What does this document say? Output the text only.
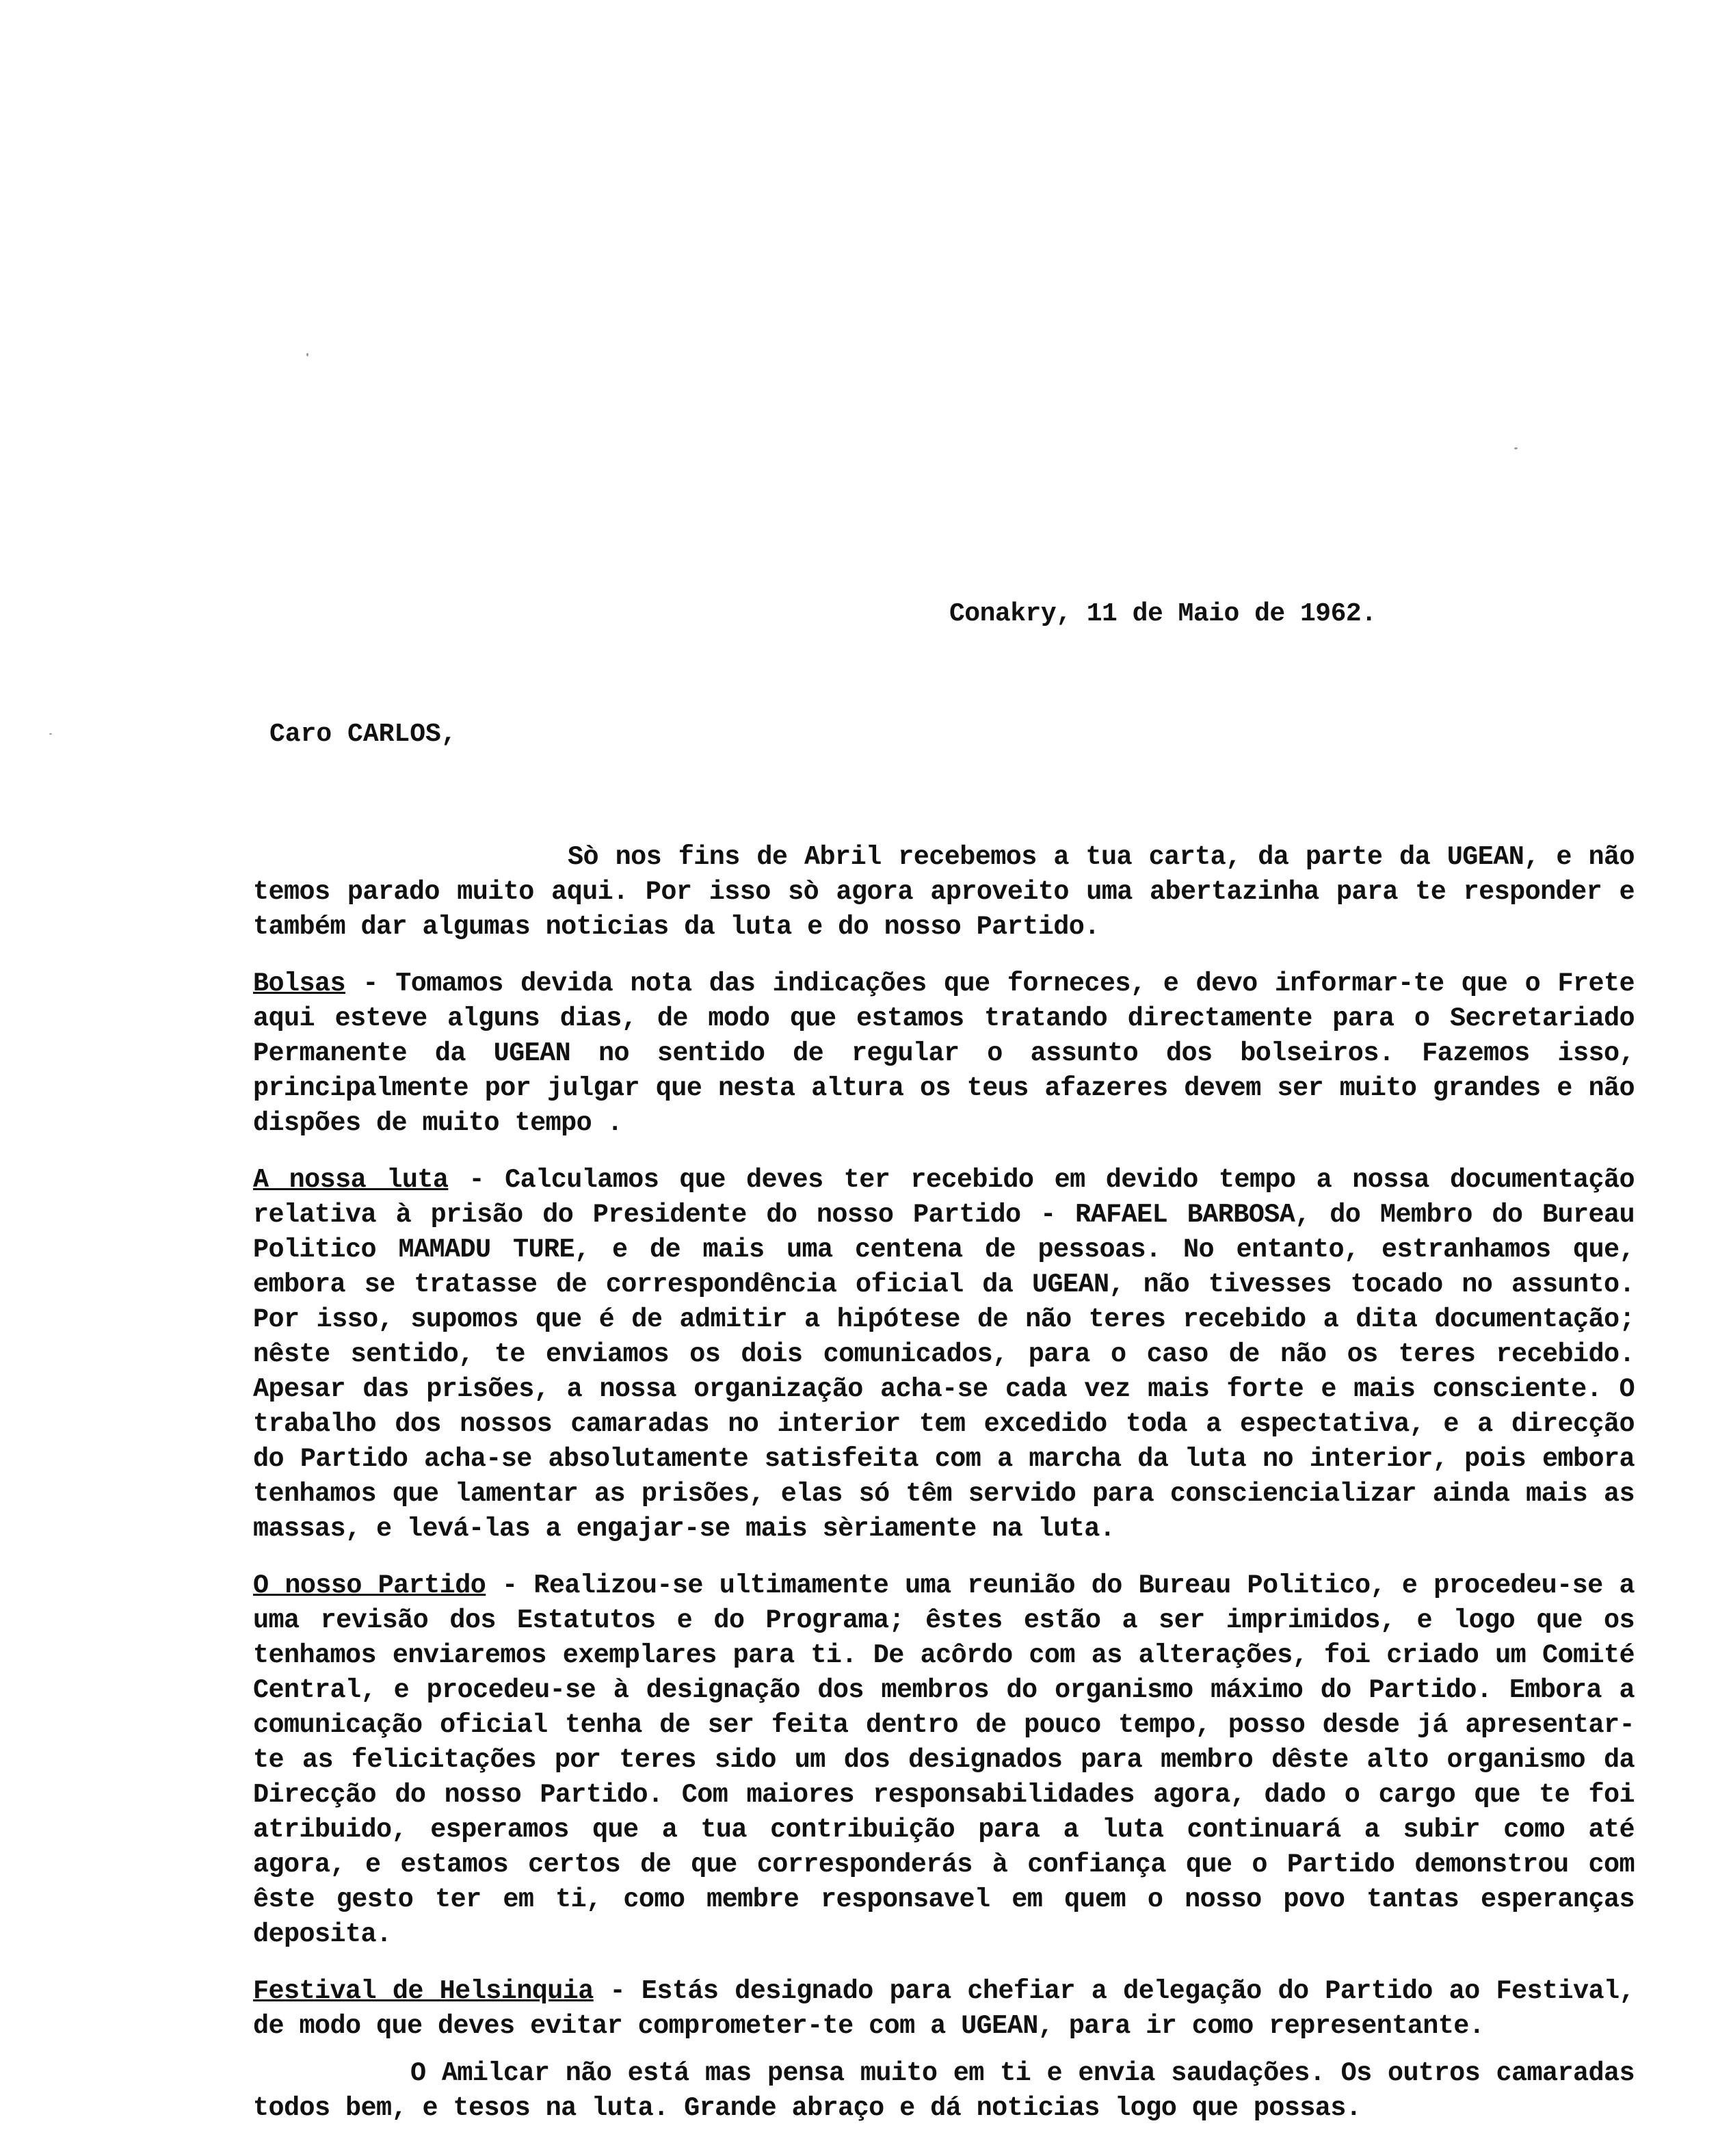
Conakry, 11 de Maio de 1962.
Caro CARLOS,

Sò nos fins de Abril recebemos a tua carta, da parte da UGEAN, e não temos parado muito aqui. Por isso sò agora aproveito uma abertazinha para te responder e também dar algumas noticias da luta e do nosso Partido.

Bolsas - Tomamos devida nota das indicações que forneces, e devo informar-te que o Frete aqui esteve alguns dias, de modo que estamos tratando directamente para o Secretariado Permanente da UGEAN no sentido de regular o assunto dos bolseiros. Fazemos isso, principalmente por julgar que nesta altura os teus afazeres devem ser muito grandes e não dispões de muito tempo .

A nossa luta - Calculamos que deves ter recebido em devido tempo a nossa documentação relativa à prisão do Presidente do nosso Partido - RAFAEL BARBOSA, do Membro do Bureau Politico MAMADU TURE, e de mais uma centena de pessoas. No entanto, estranhamos que, embora se tratasse de correspondência oficial da UGEAN, não tivesses tocado no assunto. Por isso, supomos que é de admitir a hipótese de não teres recebido a dita documentação; nêste sentido, te enviamos os dois comunicados, para o caso de não os teres recebido. Apesar das prisões, a nossa organização acha-se cada vez mais forte e mais consciente. O trabalho dos nossos camaradas no interior tem excedido toda a espectativa, e a direcção do Partido acha-se absolutamente satisfeita com a marcha da luta no interior, pois embora tenhamos que lamentar as prisões, elas só têm servido para consciencializar ainda mais as massas, e levá-las a engajar-se mais sèriamente na luta.

O nosso Partido - Realizou-se ultimamente uma reunião do Bureau Politico, e procedeu-se a uma revisão dos Estatutos e do Programa; êstes estão a ser imprimidos, e logo que os tenhamos enviaremos exemplares para ti. De acôrdo com as alterações, foi criado um Comité Central, e procedeu-se à designação dos membros do organismo máximo do Partido. Embora a comunicação oficial tenha de ser feita dentro de pouco tempo, posso desde já apresentar-te as felicitações por teres sido um dos designados para membro dêste alto organismo da Direcção do nosso Partido. Com maiores responsabilidades agora, dado o cargo que te foi atribuido, esperamos que a tua contribuição para a luta continuará a subir como até agora, e estamos certos de que corresponderás à confiança que o Partido demonstrou com êste gesto ter em ti, como membre responsavel em quem o nosso povo tantas esperanças deposita.

Festival de Helsinquia - Estás designado para chefiar a delegação do Partido ao Festival, de modo que deves evitar comprometer-te com a UGEAN, para ir como representante.

O Amilcar não está mas pensa muito em ti e envia saudações. Os outros camaradas todos bem, e tesos na luta. Grande abraço e dá noticias logo que possas.
